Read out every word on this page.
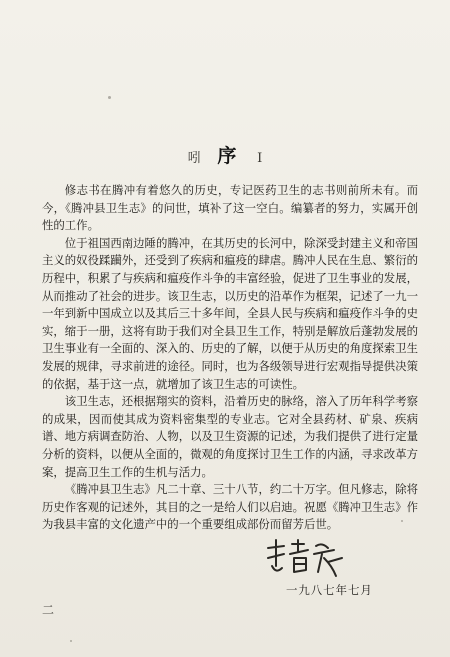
吲 序 I

修志书在腾冲有着悠久的历史，专记医药卫生的志书则前所未有。而今，《腾冲县卫生志》的问世，填补了这一空白。编纂者的努力，实属开创性的工作。

位于祖国西南边陲的腾冲，在其历史的长河中，除深受封建主义和帝国主义的奴役蹂躏外，还受到了疾病和瘟疫的肆虐。腾冲人民在生息、繁衍的历程中，积累了与疾病和瘟疫作斗争的丰富经验，促进了卫生事业的发展，从而推动了社会的进步。该卫生志，以历史的沿革作为框架，记述了一九一一年到新中国成立以及其后三十多年间，全县人民与疾病和瘟疫作斗争的史实，缩于一册，这将有助于我们对全县卫生工作，特别是解放后蓬勃发展的卫生事业有一全面的、深入的、历史的了解，以便于从历史的角度探索卫生发展的规律，寻求前进的途径。同时，也为各级领导进行宏观指导提供决策的依据，基于这一点，就增加了该卫生志的可读性。

该卫生志，还根据翔实的资料，沿着历史的脉络，溶入了历年科学考察的成果，因而使其成为资料密集型的专业志。它对全县药材、矿泉、疾病谱、地方病调查防治、人物，以及卫生资源的记述，为我们提供了进行定量分析的资料，以便从全面的，微观的角度探讨卫生工作的内涵，寻求改革方案，提高卫生工作的生机与活力。

《腾冲县卫生志》凡二十章、三十八节，约二十万字。但凡修志，除将历史作客观的记述外，其目的之一是给人们以启迪。祝愿《腾冲卫生志》作为我县丰富的文化遗产中的一个重要组成部份而留芳后世。

一九八七年七月
二
